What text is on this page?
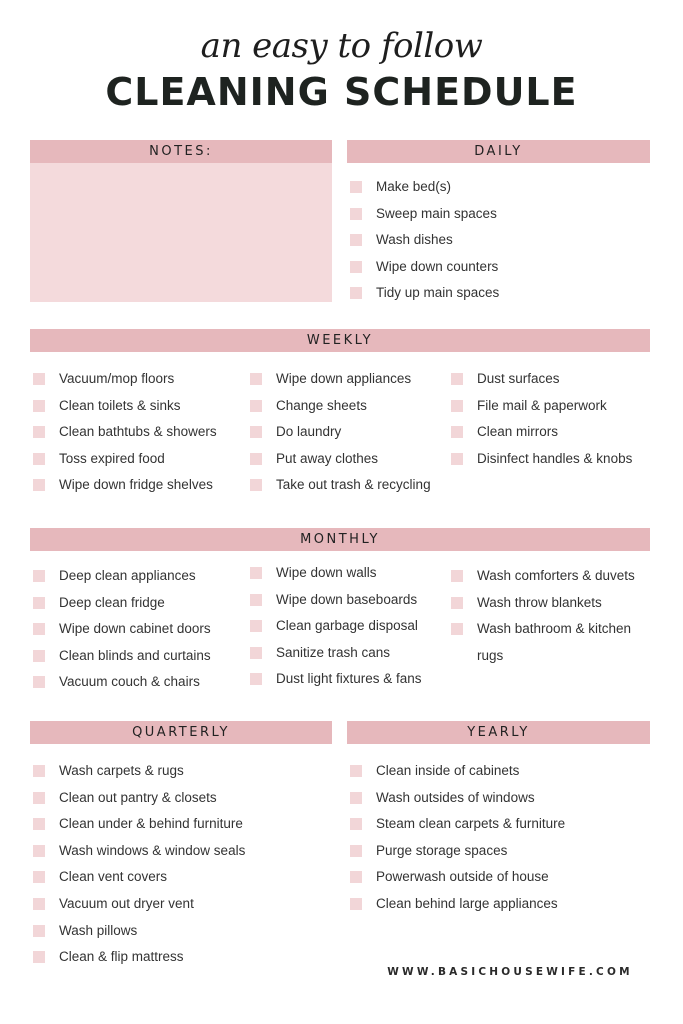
an easy to follow
CLEANING SCHEDULE
NOTES:	DAILY
Make bed(s)
Sweep main spaces
Wash dishes
Wipe down counters
Tidy up main spaces
WEEKLY
Vacuum/mop floors
Clean toilets & sinks
Clean bathtubs & showers
Toss expired food
Wipe down fridge shelves
Wipe down appliances
Change sheets
Do laundry
Put away clothes
Take out trash & recycling
Dust surfaces
File mail & paperwork
Clean mirrors
Disinfect handles & knobs
MONTHLY
Deep clean appliances
Deep clean fridge
Wipe down cabinet doors
Clean blinds and curtains
Vacuum couch & chairs
Wipe down walls
Wipe down baseboards
Clean garbage disposal
Sanitize trash cans
Dust light fixtures & fans
Wash comforters & duvets
Wash throw blankets
Wash bathroom & kitchen
rugs
QUARTERLY
Wash carpets & rugs
Clean out pantry & closets
Clean under & behind furniture
Wash windows & window seals
Clean vent covers
Vacuum out dryer vent
Wash pillows
Clean & flip mattress
YEARLY
Clean inside of cabinets
Wash outsides of windows
Steam clean carpets & furniture
Purge storage spaces
Powerwash outside of house
Clean behind large appliances
WWW.BASICHOUSEWIFE.COM
